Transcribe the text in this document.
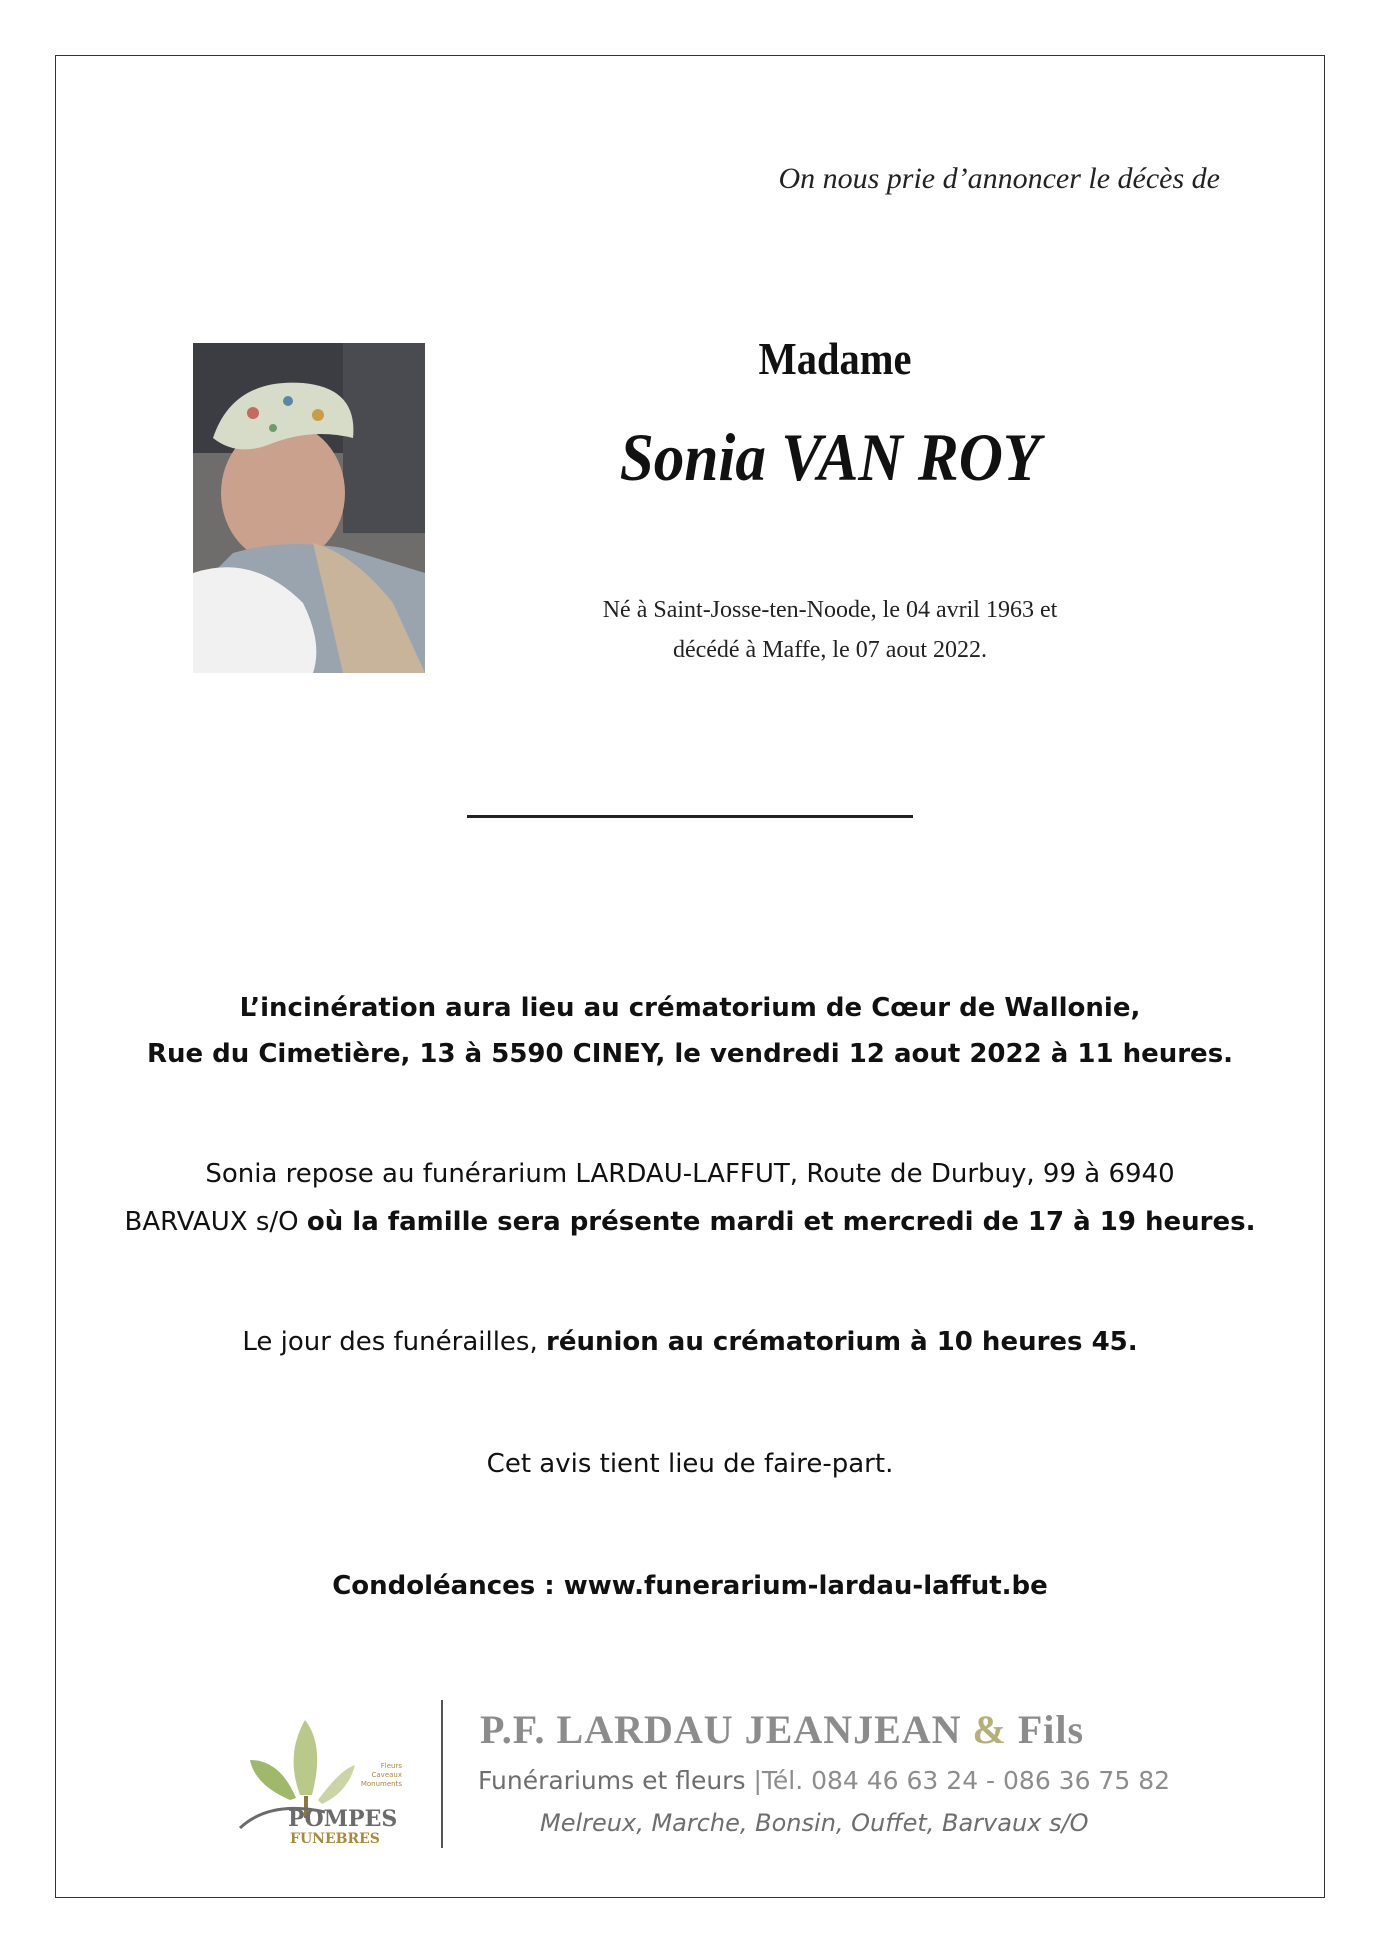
On nous prie d’annoncer le décès de
Madame
Sonia VAN ROY
Né à Saint-Josse-ten-Noode, le 04 avril 1963 et
décédé à Maffe, le 07 aout 2022.
L’incinération aura lieu au crématorium de Cœur de Wallonie,
Rue du Cimetière, 13 à 5590 CINEY, le vendredi 12 aout 2022 à 11 heures.
Sonia repose au funérarium LARDAU-LAFFUT, Route de Durbuy, 99 à 6940
BARVAUX s/O où la famille sera présente mardi et mercredi de 17 à 19 heures.
Le jour des funérailles, réunion au crématorium à 10 heures 45.
Cet avis tient lieu de faire-part.
Condoléances : www.funerarium-lardau-laffut.be
POMPES
FUNEBRES
Fleurs
Caveaux
Monuments
P.F. LARDAU JEANJEAN & Fils
Funérariums et fleurs |Tél. 084 46 63 24 - 086 36 75 82
Melreux, Marche, Bonsin, Ouffet, Barvaux s/O
